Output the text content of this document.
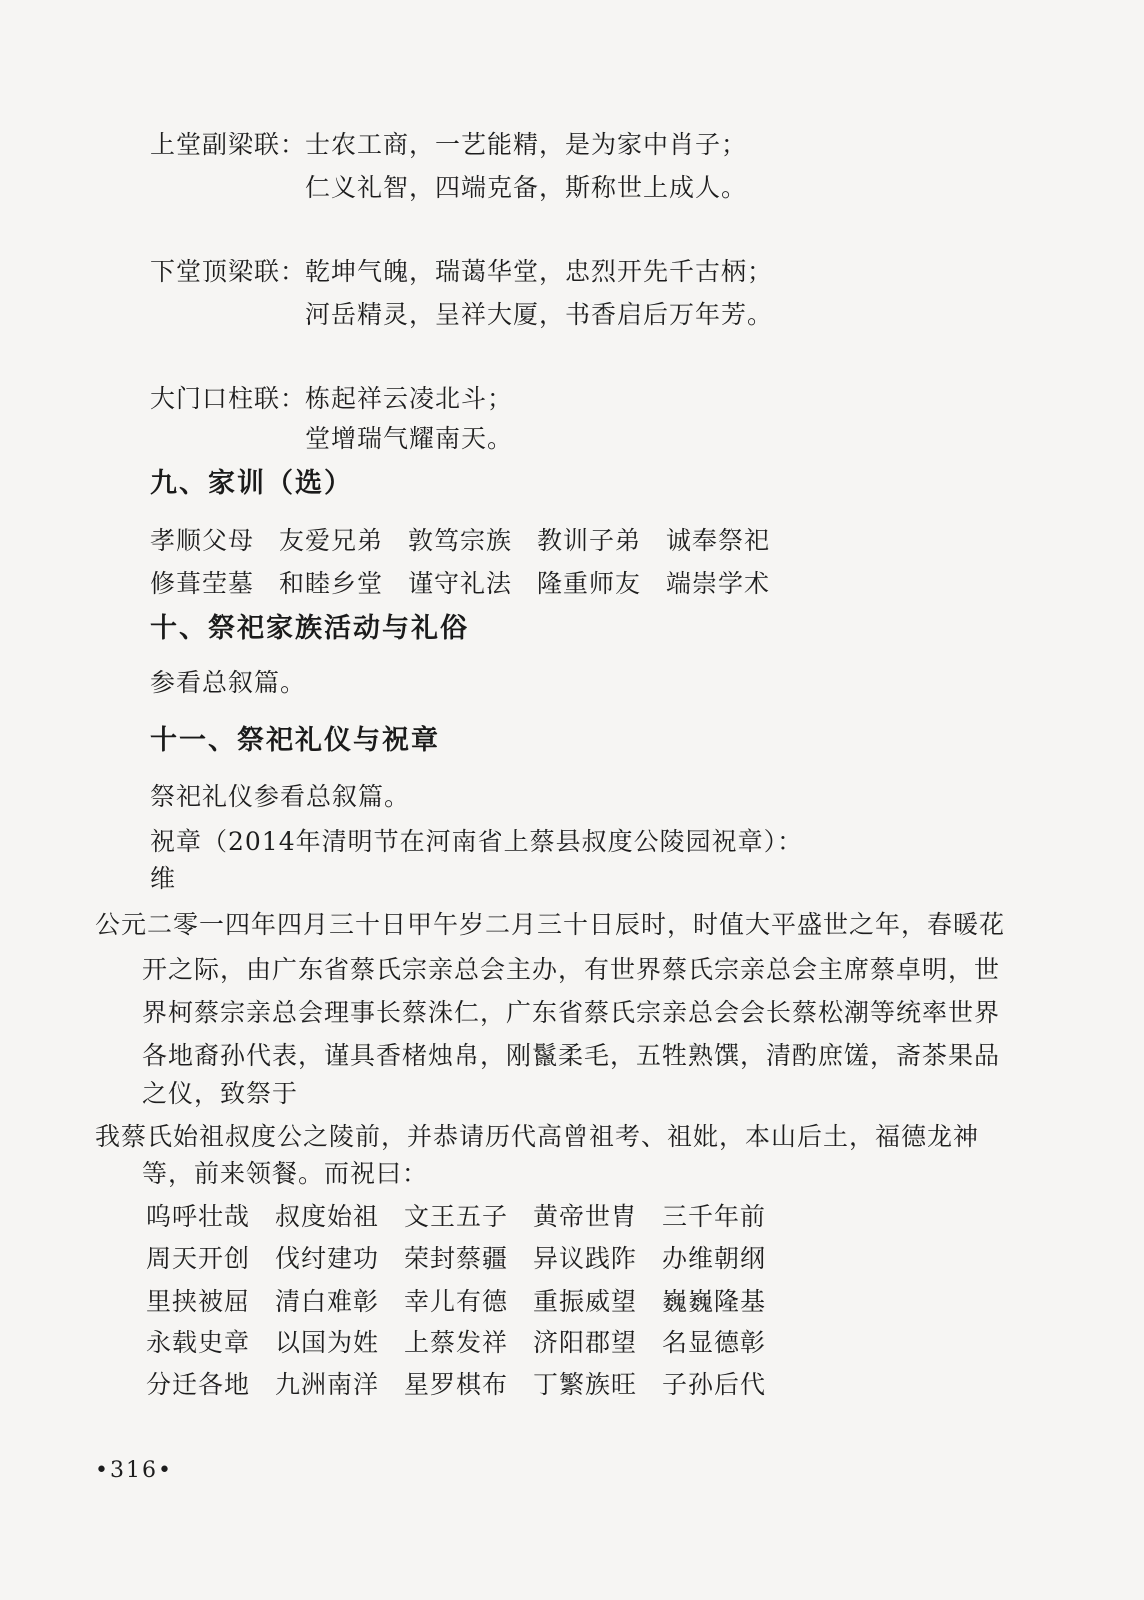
上堂副梁联：
士农工商，一艺能精，是为家中肖子；
仁义礼智，四端克备，斯称世上成人。
下堂顶梁联：
乾坤气魄，瑞蔼华堂，忠烈开先千古柄；
河岳精灵，呈祥大厦，书香启后万年芳。
大门口柱联：
栋起祥云凌北斗；
堂增瑞气耀南天。
九、家训（选）
孝顺父母 友爱兄弟 敦笃宗族 教训子弟 诚奉祭祀
修葺茔墓 和睦乡堂 谨守礼法 隆重师友 端崇学术
十、祭祀家族活动与礼俗
参看总叙篇。
十一、祭祀礼仪与祝章
祭祀礼仪参看总叙篇。
祝章（2014年清明节在河南省上蔡县叔度公陵园祝章）：
维
公元二零一四年四月三十日甲午岁二月三十日辰时，时值大平盛世之年，春暖花
开之际，由广东省蔡氏宗亲总会主办，有世界蔡氏宗亲总会主席蔡卓明，世
界柯蔡宗亲总会理事长蔡洙仁，广东省蔡氏宗亲总会会长蔡松潮等统率世界
各地裔孙代表，谨具香楮烛帛，刚鬣柔毛，五牲熟馔，清酌庶馐，斋茶果品
之仪，致祭于
我蔡氏始祖叔度公之陵前，并恭请历代高曾祖考、祖妣，本山后土，福德龙神
等，前来领餐。而祝曰：
呜呼壮哉 叔度始祖 文王五子 黄帝世胄 三千年前
周天开创 伐纣建功 荣封蔡疆 异议践阼 办维朝纲
里挟被屈 清白难彰 幸儿有德 重振威望 巍巍隆基
永载史章 以国为姓 上蔡发祥 济阳郡望 名显德彰
分迁各地 九洲南洋 星罗棋布 丁繁族旺 子孙后代
•316•
